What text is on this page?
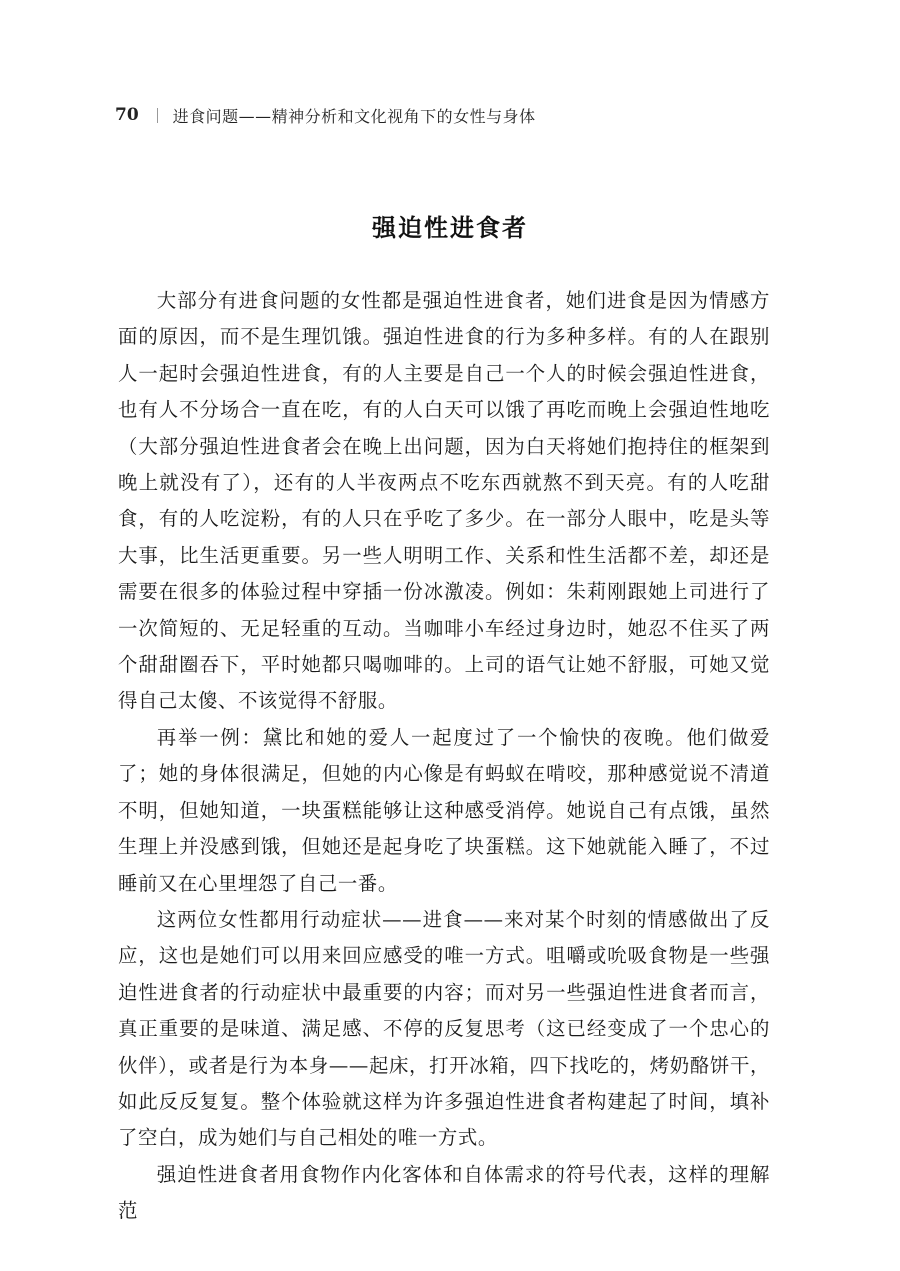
70 进食问题——精神分析和文化视角下的女性与身体
强迫性进食者

大部分有进食问题的女性都是强迫性进食者，她们进食是因为情感方面的原因，而不是生理饥饿。强迫性进食的行为多种多样。有的人在跟别人一起时会强迫性进食，有的人主要是自己一个人的时候会强迫性进食，也有人不分场合一直在吃，有的人白天可以饿了再吃而晚上会强迫性地吃（大部分强迫性进食者会在晚上出问题，因为白天将她们抱持住的框架到晚上就没有了），还有的人半夜两点不吃东西就熬不到天亮。有的人吃甜食，有的人吃淀粉，有的人只在乎吃了多少。在一部分人眼中，吃是头等大事，比生活更重要。另一些人明明工作、关系和性生活都不差，却还是需要在很多的体验过程中穿插一份冰激凌。例如：朱莉刚跟她上司进行了一次简短的、无足轻重的互动。当咖啡小车经过身边时，她忍不住买了两个甜甜圈吞下，平时她都只喝咖啡的。上司的语气让她不舒服，可她又觉得自己太傻、不该觉得不舒服。

再举一例：黛比和她的爱人一起度过了一个愉快的夜晚。他们做爱了；她的身体很满足，但她的内心像是有蚂蚁在啃咬，那种感觉说不清道不明，但她知道，一块蛋糕能够让这种感受消停。她说自己有点饿，虽然生理上并没感到饿，但她还是起身吃了块蛋糕。这下她就能入睡了，不过睡前又在心里埋怨了自己一番。

这两位女性都用行动症状——进食——来对某个时刻的情感做出了反应，这也是她们可以用来回应感受的唯一方式。咀嚼或吮吸食物是一些强迫性进食者的行动症状中最重要的内容；而对另一些强迫性进食者而言，真正重要的是味道、满足感、不停的反复思考（这已经变成了一个忠心的伙伴），或者是行为本身——起床，打开冰箱，四下找吃的，烤奶酪饼干，如此反反复复。整个体验就这样为许多强迫性进食者构建起了时间，填补了空白，成为她们与自己相处的唯一方式。

强迫性进食者用食物作内化客体和自体需求的符号代表，这样的理解范
